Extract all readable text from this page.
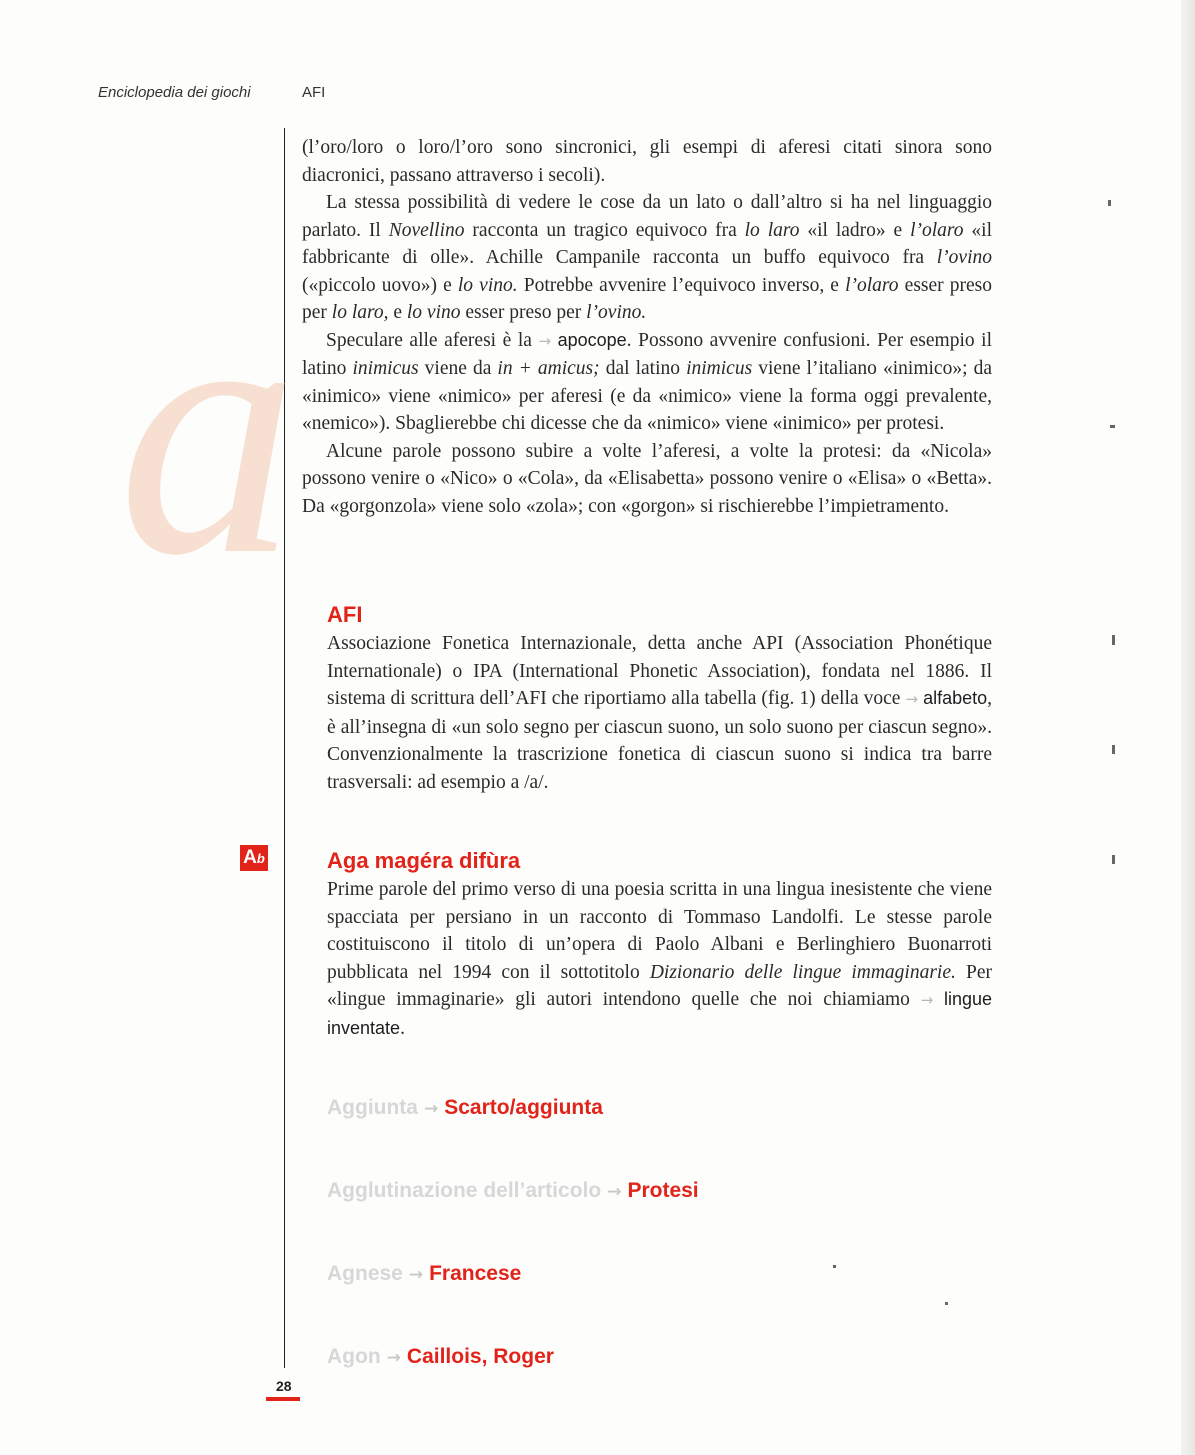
Enciclopedia dei giochi	AFI
a

(l’oro/loro o loro/l’oro sono sincronici, gli esempi di aferesi citati sinora sono diacronici, passano attraverso i secoli).

La stessa possibilità di vedere le cose da un lato o dall’altro si ha nel linguaggio parlato. Il Novellino racconta un tragico equivoco fra lo laro «il ladro» e l’olaro «il fabbricante di olle». Achille Campanile racconta un buffo equivoco fra l’ovino («piccolo uovo») e lo vino. Potrebbe avvenire l’equivoco inverso, e l’olaro esser preso per lo laro, e lo vino esser preso per l’ovino.

Speculare alle aferesi è la → apocope. Possono avvenire confusioni. Per esempio il latino inimicus viene da in + amicus; dal latino inimicus viene l’italiano «inimico»; da «inimico» viene «nimico» per aferesi (e da «nimico» viene la forma oggi prevalente, «nemico»). Sbaglierebbe chi dicesse che da «nimico» viene «inimico» per protesi.

Alcune parole possono subire a volte l’aferesi, a volte la protesi: da «Nicola» possono venire o «Nico» o «Cola», da «Elisabetta» possono venire o «Elisa» o «Betta». Da «gorgonzola» viene solo «zola»; con «gorgon» si rischierebbe l’impietramento.

AFI

Associazione Fonetica Internazionale, detta anche API (Association Phonétique Internationale) o IPA (International Phonetic Association), fondata nel 1886. Il sistema di scrittura dell’AFI che riportiamo alla tabella (fig. 1) della voce → alfabeto, è all’insegna di «un solo segno per ciascun suono, un solo suono per ciascun segno». Convenzionalmente la trascrizione fonetica di ciascun suono si indica tra barre trasversali: ad esempio a /a/.

Ab	Aga magéra difùra

Prime parole del primo verso di una poesia scritta in una lingua inesistente che viene spacciata per persiano in un racconto di Tommaso Landolfi. Le stesse parole costituiscono il titolo di un’opera di Paolo Albani e Berlinghiero Buonarroti pubblicata nel 1994 con il sottotitolo Dizionario delle lingue immaginarie. Per «lingue immaginarie» gli autori intendono quelle che noi chiamiamo → lingue inventate.

Aggiunta → Scarto/aggiunta
Agglutinazione dell’articolo → Protesi
Agnese → Francese
Agon → Caillois, Roger
28
